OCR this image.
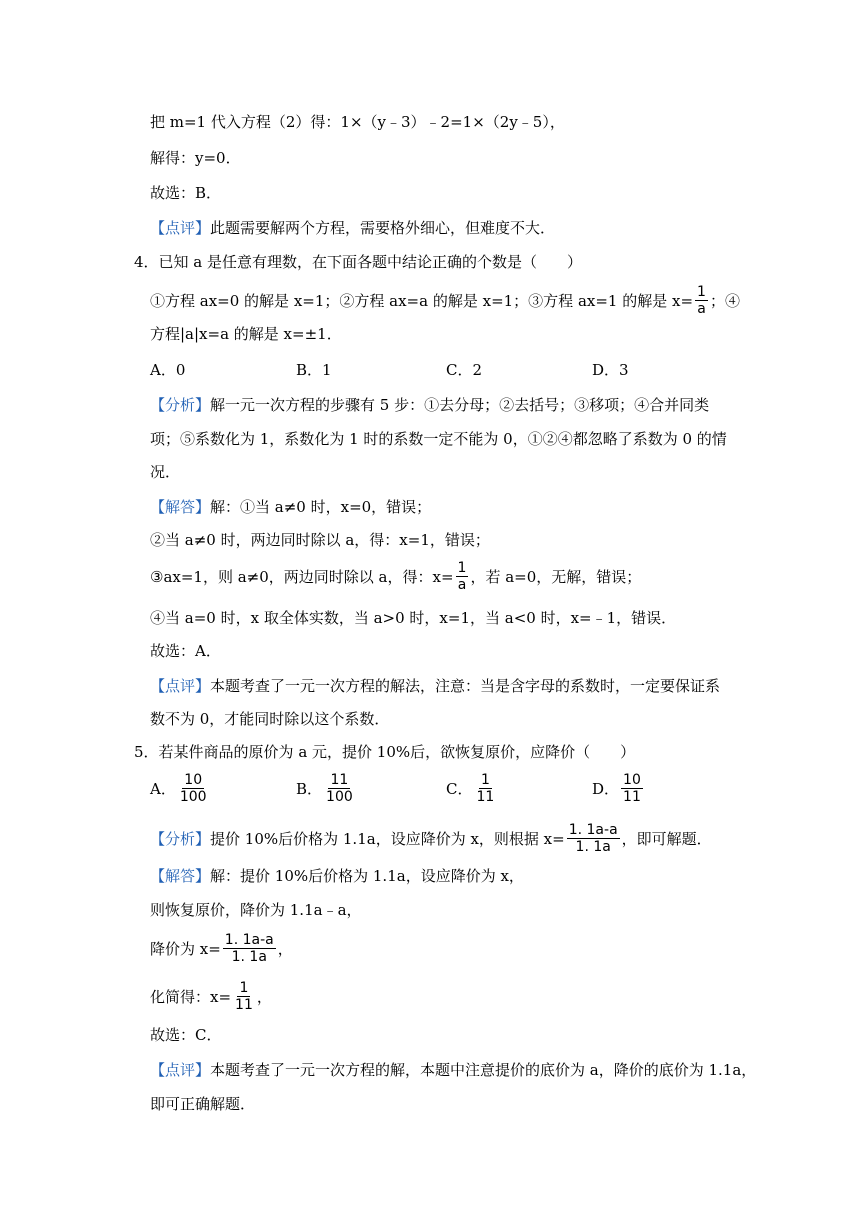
把 m=1 代入方程（2）得：1×（y﹣3）﹣2=1×（2y﹣5），
解得：y=0．
故选：B．
【点评】此题需要解两个方程，需要格外细心，但难度不大．
4．已知 a 是任意有理数，在下面各题中结论正确的个数是（　　）
①方程 ax=0 的解是 x=1；②方程 ax=a 的解是 x=1；③方程 ax=1 的解是 $x= \frac{1}{a}$ ；④
方程|a|x=a 的解是 x=±1．
A．0	B．1	C．2	D．3
【分析】解一元一次方程的步骤有 5 步：①去分母；②去括号；③移项；④合并同类
项；⑤系数化为 1，系数化为 1 时的系数一定不能为 0，①②④都忽略了系数为 0 的情
况．
【解答】解：①当 a≠0 时，x=0，错误；
②当 a≠0 时，两边同时除以 a，得：x=1，错误；
③ax=1，则 a≠0，两边同时除以 a，得：$x= \frac{1}{a}$ ，若 a=0，无解，错误；
④当 a=0 时，x 取全体实数，当 a>0 时，x=1，当 a<0 时，x=﹣1，错误．
故选：A．
【点评】本题考查了一元一次方程的解法，注意：当是含字母的系数时，一定要保证系
数不为 0，才能同时除以这个系数．
5．若某件商品的原价为 a 元，提价 10%后，欲恢复原价，应降价（　　）
A． $\frac{10}{100}$	B． $\frac{11}{100}$	C． $\frac{1}{11}$	D． $\frac{10}{11}$
【分析】 提价 10%后价格为 1.1a，设应降价为 x，则根据 $x= \frac{1. 1a-a}{1. 1a}$ ，即可解题．
【解答】解：提价 10%后价格为 1.1a，设应降价为 x，
则恢复原价，降价为 1.1a﹣a，
降价为 $x= \frac{1. 1a-a}{1. 1a}$ ，
化简得：$x= \frac{1}{11}$ ，
故选：C．
【点评】本题考查了一元一次方程的解，本题中注意提价的底价为 a，降价的底价为 1.1a，
即可正确解题．
